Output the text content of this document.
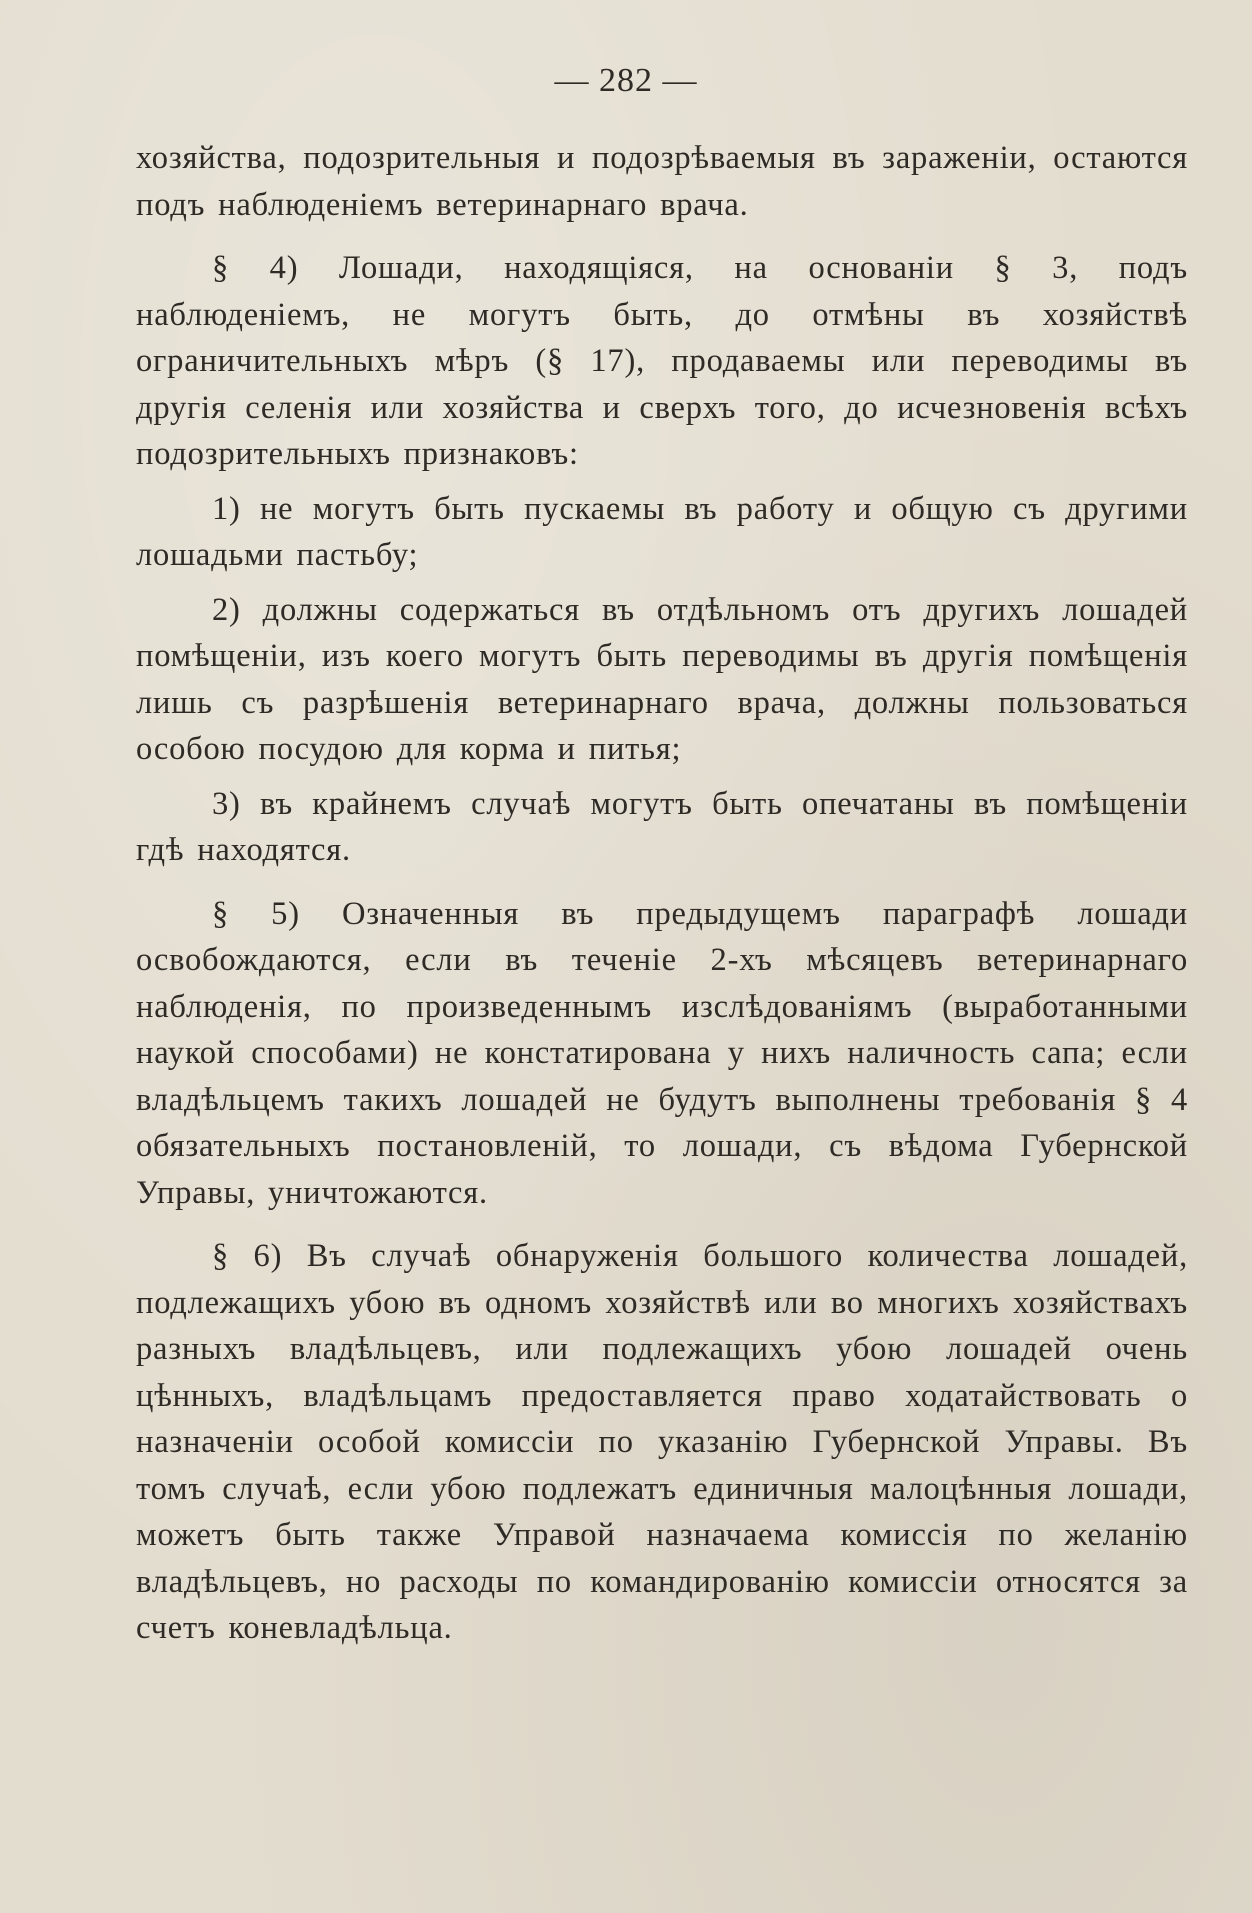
— 282 —

хозяйства, подозрительныя и подозрѣваемыя въ зараженіи, остаются подъ наблюденіемъ ветеринарнаго врача.

§ 4) Лошади, находящіяся, на основаніи § 3, подъ наблюденіемъ, не могутъ быть, до отмѣны въ хозяйствѣ ограничительныхъ мѣръ (§ 17), продаваемы или переводимы въ другія селенія или хозяйства и сверхъ того, до исчезновенія всѣхъ подозрительныхъ признаковъ:

1) не могутъ быть пускаемы въ работу и общую съ другими лошадьми пастьбу;

2) должны содержаться въ отдѣльномъ отъ другихъ лошадей помѣщеніи, изъ коего могутъ быть переводимы въ другія помѣщенія лишь съ разрѣшенія ветеринарнаго врача, должны пользоваться особою посудою для корма и питья;

3) въ крайнемъ случаѣ могутъ быть опечатаны въ помѣщеніи гдѣ находятся.

§ 5) Означенныя въ предыдущемъ параграфѣ лошади освобождаются, если въ теченіе 2-хъ мѣсяцевъ ветеринарнаго наблюденія, по произведеннымъ изслѣдованіямъ (выработанными наукой способами) не констатирована у нихъ наличность сапа; если владѣльцемъ такихъ лошадей не будутъ выполнены требованія § 4 обязательныхъ постановленій, то лошади, съ вѣдома Губернской Управы, уничтожаются.

§ 6) Въ случаѣ обнаруженія большого количества лошадей, подлежащихъ убою въ одномъ хозяйствѣ или во многихъ хозяйствахъ разныхъ владѣльцевъ, или подлежащихъ убою лошадей очень цѣнныхъ, владѣльцамъ предоставляется право ходатайствовать о назначеніи особой комиссіи по указанію Губернской Управы. Въ томъ случаѣ, если убою подлежатъ единичныя малоцѣнныя лошади, можетъ быть также Управой назначаема комиссія по желанію владѣльцевъ, но расходы по командированію комиссіи относятся за счетъ коневладѣльца.
